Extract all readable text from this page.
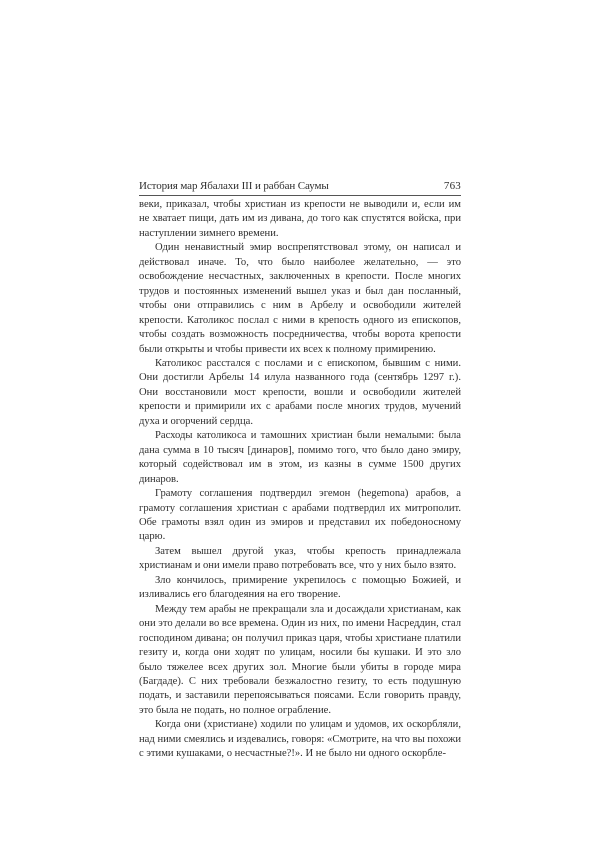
История мар Ябалахи III и раббан Саумы	763

веки, приказал, чтобы христиан из крепости не выводили и, если им не хватает пищи, дать им из дивана, до того как спустятся войска, при наступлении зимнего времени.

Один ненавистный эмир воспрепятствовал этому, он написал и действовал иначе. То, что было наиболее желательно, — это освобождение несчастных, заключенных в крепости. После многих трудов и постоянных изменений вышел указ и был дан посланный, чтобы они отправились с ним в Арбелу и освободили жителей крепости. Католикос послал с ними в крепость одного из епископов, чтобы создать возможность посредничества, чтобы ворота крепости были открыты и чтобы привести их всех к полному примирению.

Католикос расстался с послами и с епископом, бывшим с ними. Они достигли Арбелы 14 илула названного года (сентябрь 1297 г.). Они восстановили мост крепости, вошли и освободили жителей крепости и примирили их с арабами после многих трудов, мучений духа и огорчений сердца.

Расходы католикоса и тамошних христиан были немалыми: была дана сумма в 10 тысяч [динаров], помимо того, что было дано эмиру, который содействовал им в этом, из казны в сумме 1500 других динаров.

Грамоту соглашения подтвердил эгемон (hegemona) арабов, а грамоту соглашения христиан с арабами подтвердил их митрополит. Обе грамоты взял один из эмиров и представил их победоносному царю.

Затем вышел другой указ, чтобы крепость принадлежала христианам и они имели право потребовать все, что у них было взято.

Зло кончилось, примирение укрепилось с помощью Божией, и изливались его благодеяния на его творение.

Между тем арабы не прекращали зла и досаждали христианам, как они это делали во все времена. Один из них, по имени Насреддин, стал господином дивана; он получил приказ царя, чтобы христиане платили гезиту и, когда они ходят по улицам, носили бы кушаки. И это зло было тяжелее всех других зол. Многие были убиты в городе мира (Багдаде). С них требовали безжалостно гезиту, то есть подушную подать, и заставили перепоясываться поясами. Если говорить правду, это была не подать, но полное ограбление.

Когда они (христиане) ходили по улицам и удомов, их оскорбляли, над ними смеялись и издевались, говоря: «Смотрите, на что вы похожи с этими кушаками, о несчастные?!». И не было ни одного оскорбле-
